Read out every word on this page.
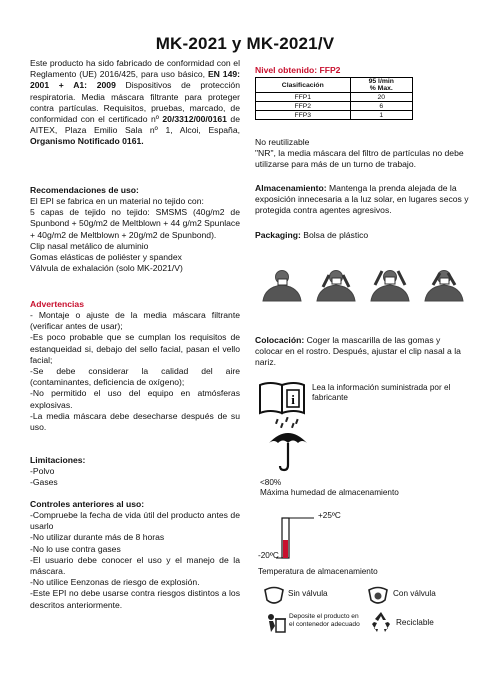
MK-2021 y MK-2021/V
Este producto ha sido fabricado de conformidad con el Reglamento (UE) 2016/425, para uso básico, EN 149: 2001 + A1: 2009 Dispositivos de protección respiratoria. Media máscara filtrante para proteger contra partículas. Requisitos, pruebas, marcado, de conformidad con el certificado nº 20/3312/00/0161 de AITEX, Plaza Emilio Sala nº 1, Alcoi, España, Organismo Notificado 0161.
Recomendaciones de uso:
El EPI se fabrica en un material no tejido con:
5 capas de tejido no tejido: SMSMS (40g/m2 de Spunbond + 50g/m2 de Meltblown + 44 g/m2 Spunlace + 40g/m2 de Meltblown + 20g/m2 de Spunbond).
Clip nasal metálico de aluminio
Gomas elásticas de poliéster y spandex
Válvula de exhalación (solo MK-2021/V)
Advertencias
- Montaje o ajuste de la media máscara filtrante (verificar antes de usar);
-Es poco probable que se cumplan los requisitos de estanqueidad si, debajo del sello facial, pasan el vello facial;
-Se debe considerar la calidad del aire (contaminantes, deficiencia de oxígeno);
-No permitido el uso del equipo en atmósferas explosivas.
-La media máscara debe desecharse después de su uso.
Limitaciones:
-Polvo
-Gases
Controles anteriores al uso:
-Compruebe la fecha de vida útil del producto antes de usarlo
-No utilizar durante más de 8 horas
-No lo use contra gases
-El usuario debe conocer el uso y el manejo de la máscara.
-No utilice Eenzonas de riesgo de explosión.
-Este EPI no debe usarse contra riesgos distintos a los descritos anteriormente.
Nivel obtenido: FFP2
Clasificación	95 l/min
% Max.
FFP1	20
FFP2	6
FFP3	1
No reutilizable
"NR", la media máscara del filtro de partículas no debe utilizarse para más de un turno de trabajo.
Almacenamiento: Mantenga la prenda alejada de la exposición innecesaria a la luz solar, en lugares secos y protegida contra agentes agresivos.
Packaging: Bolsa de plástico
Colocación: Coger la mascarilla de las gomas y colocar en el rostro. Después, ajustar el clip nasal a la nariz.
i
Lea la información suministrada por el fabricante
<80%
Máxima humedad de almacenamiento
+25ºC
-20ºC
Temperatura de almacenamiento
Sin válvula	Con válvula
Deposite el producto en el contenedor adecuado	Reciclable
